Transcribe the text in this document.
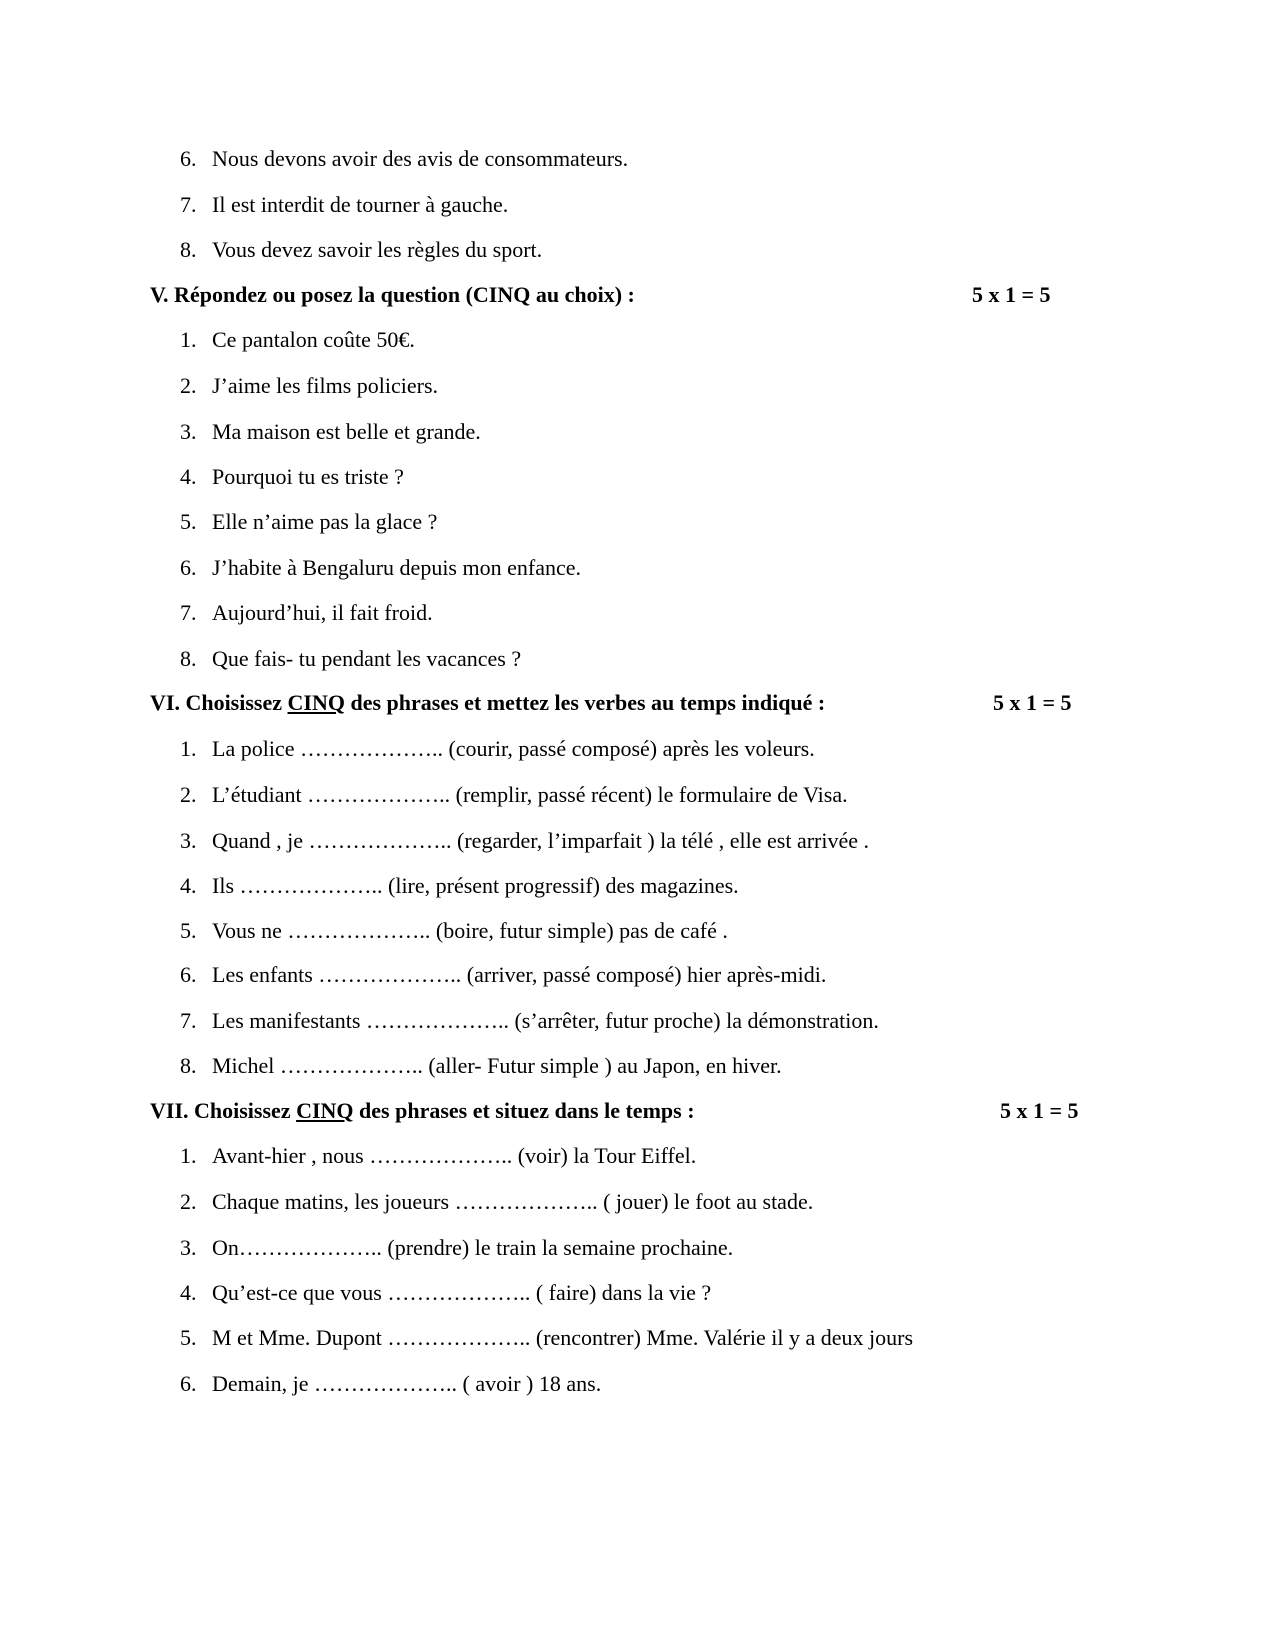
6. Nous devons avoir des avis de consommateurs.
7. Il est interdit de tourner à gauche.
8. Vous devez savoir les règles du sport.
V. Répondez ou posez la question (CINQ au choix) :	5 x 1 = 5
1. Ce pantalon coûte 50€.
2. J’aime les films policiers.
3. Ma maison est belle et grande.
4. Pourquoi tu es triste ?
5. Elle n’aime pas la glace ?
6. J’habite à Bengaluru depuis mon enfance.
7. Aujourd’hui, il fait froid.
8. Que fais- tu pendant les vacances ?
VI. Choisissez CINQ des phrases et mettez les verbes au temps indiqué :	5 x 1 = 5
1. La police ……………….. (courir, passé composé) après les voleurs.
2. L’étudiant ……………….. (remplir, passé récent) le formulaire de Visa.
3. Quand , je ……………….. (regarder, l’imparfait ) la télé , elle est arrivée .
4. Ils ……………….. (lire, présent progressif) des magazines.
5. Vous ne ……………….. (boire, futur simple) pas de café .
6. Les enfants ……………….. (arriver, passé composé) hier après-midi.
7. Les manifestants ……………….. (s’arrêter, futur proche) la démonstration.
8. Michel ……………….. (aller- Futur simple ) au Japon, en hiver.
VII. Choisissez CINQ des phrases et situez dans le temps :	5 x 1 = 5
1. Avant-hier , nous ……………….. (voir) la Tour Eiffel.
2. Chaque matins, les joueurs ……………….. ( jouer) le foot au stade.
3. On……………….. (prendre) le train la semaine prochaine.
4. Qu’est-ce que vous ……………….. ( faire) dans la vie ?
5. M et Mme. Dupont ……………….. (rencontrer) Mme. Valérie il y a deux jours
6. Demain, je ……………….. ( avoir ) 18 ans.
